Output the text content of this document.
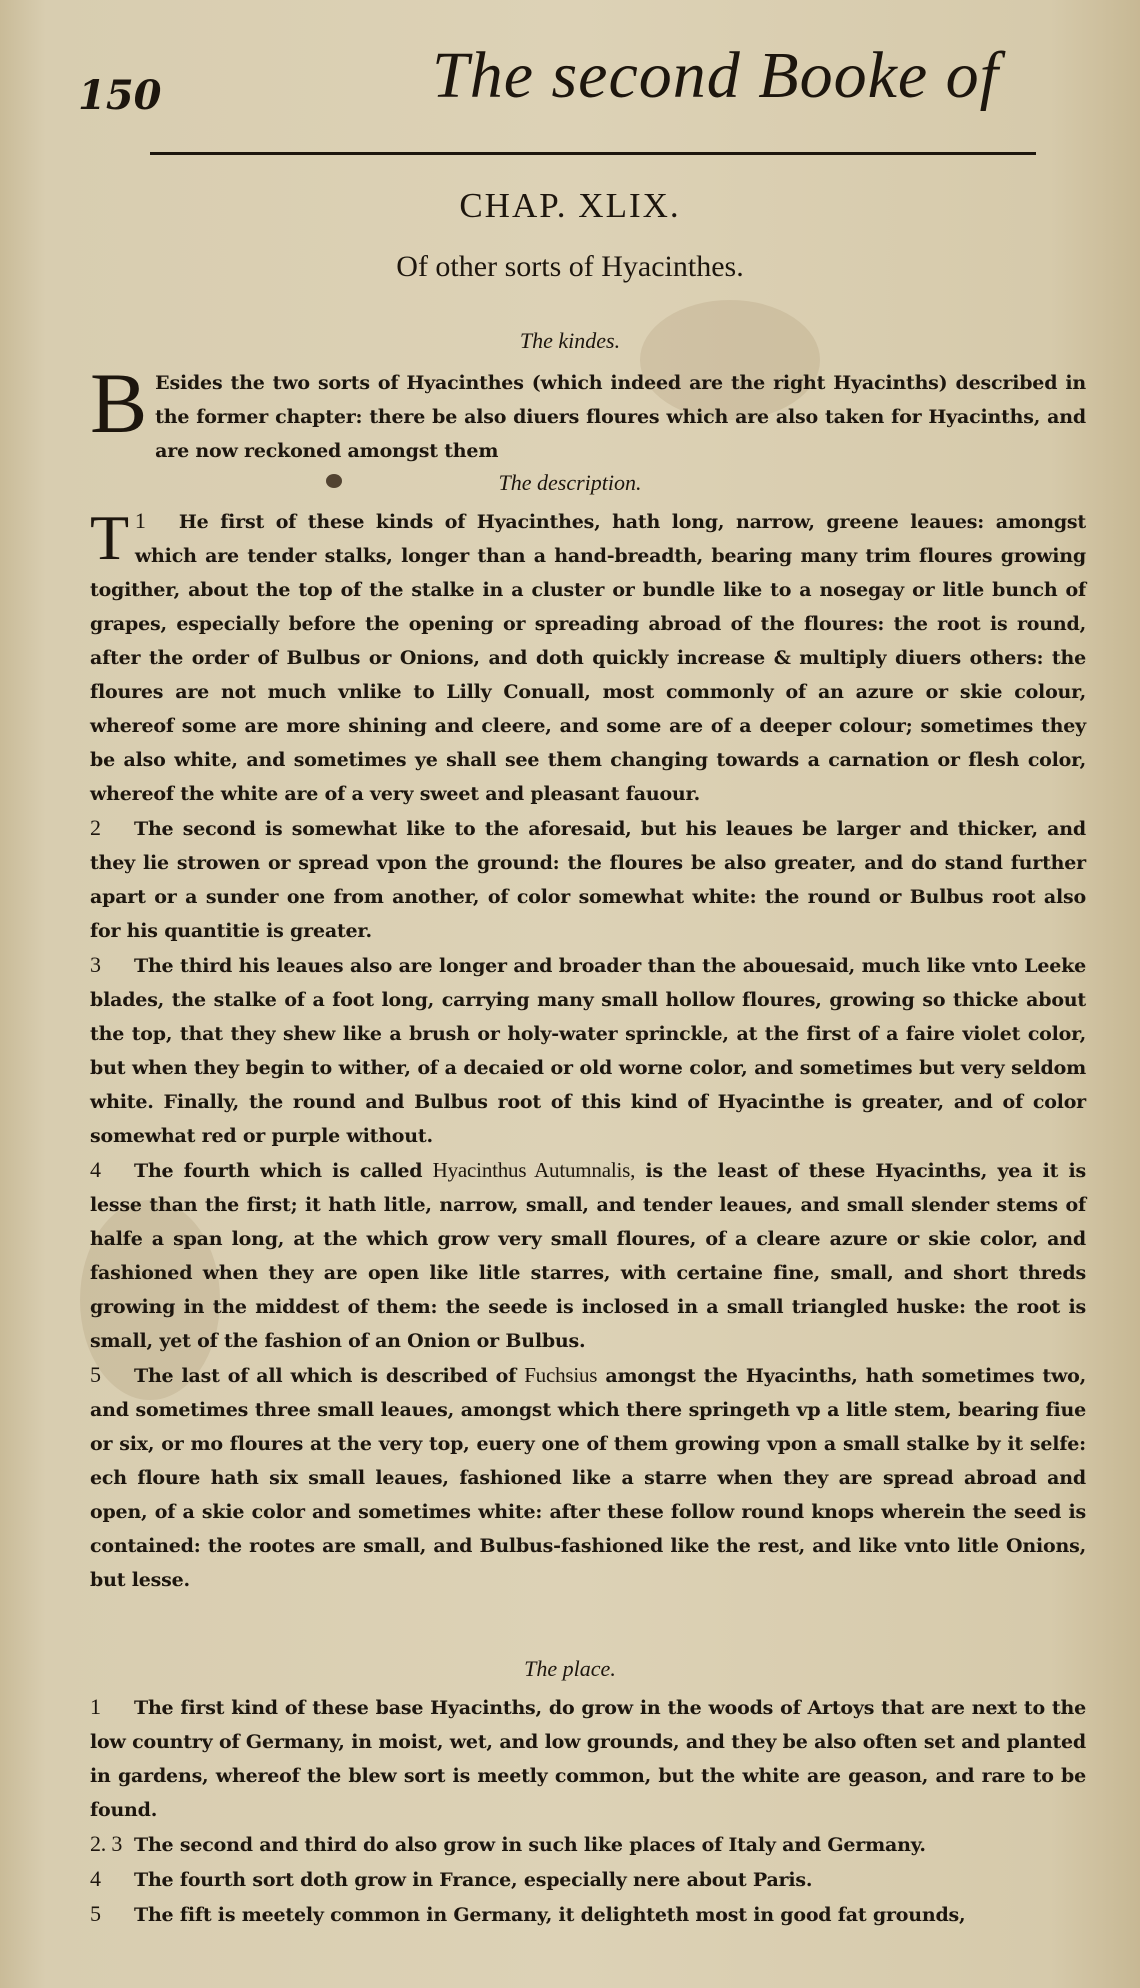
150	The second Booke of
CHAP. XLIX.
Of other sorts of Hyacinthes.
The kindes.

B Esides the two sorts of Hyacinthes (which indeed are the right Hyacinths) described in the former chapter: there be also diuers floures which are also taken for Hyacinths, and are now reckoned amongst them

The description.

1
T	He first of these kinds of Hyacinthes, hath long, narrow, greene leaues: amongst which are tender stalks, longer than a hand-breadth, bearing many trim floures growing togither, about the top of the stalke in a cluster or bundle like to a nosegay or litle bunch of grapes, especially before the opening or spreading abroad of the floures: the root is round, after the order of Bulbus or Onions, and doth quickly increase & multiply diuers others: the floures are not much vnlike to Lilly Conuall, most commonly of an azure or skie colour, whereof some are more shining and cleere, and some are of a deeper colour; sometimes they be also white, and sometimes ye shall see them changing towards a carnation or flesh color, whereof the white are of a very sweet and pleasant fauour.

2 The second is somewhat like to the aforesaid, but his leaues be larger and thicker, and they lie strowen or spread vpon the ground: the floures be also greater, and do stand further apart or a sunder one from another, of color somewhat white: the round or Bulbus root also for his quantitie is greater.

3 The third his leaues also are longer and broader than the abouesaid, much like vnto Leeke blades, the stalke of a foot long, carrying many small hollow floures, growing so thicke about the top, that they shew like a brush or holy-water sprinckle, at the first of a faire violet color, but when they begin to wither, of a decaied or old worne color, and sometimes but very seldom white. Finally, the round and Bulbus root of this kind of Hyacinthe is greater, and of color somewhat red or purple without.

4 The fourth which is called Hyacinthus Autumnalis, is the least of these Hyacinths, yea it is lesse than the first; it hath litle, narrow, small, and tender leaues, and small slender stems of halfe a span long, at the which grow very small floures, of a cleare azure or skie color, and fashioned when they are open like litle starres, with certaine fine, small, and short threds growing in the middest of them: the seede is inclosed in a small triangled huske: the root is small, yet of the fashion of an Onion or Bulbus.

5 The last of all which is described of Fuchsius amongst the Hyacinths, hath sometimes two, and sometimes three small leaues, amongst which there springeth vp a litle stem, bearing fiue or six, or mo floures at the very top, euery one of them growing vpon a small stalke by it selfe: ech floure hath six small leaues, fashioned like a starre when they are spread abroad and open, of a skie color and sometimes white: after these follow round knops wherein the seed is contained: the rootes are small, and Bulbus-fashioned like the rest, and like vnto litle Onions, but lesse.

The place.

1 The first kind of these base Hyacinths, do grow in the woods of Artoys that are next to the low country of Germany, in moist, wet, and low grounds, and they be also often set and planted in gardens, whereof the blew sort is meetly common, but the white are geason, and rare to be found.

2. 3 The second and third do also grow in such like places of Italy and Germany.

4 The fourth sort doth grow in France, especially nere about Paris.

5 The fift is meetely common in Germany, it delighteth most in good fat grounds,
